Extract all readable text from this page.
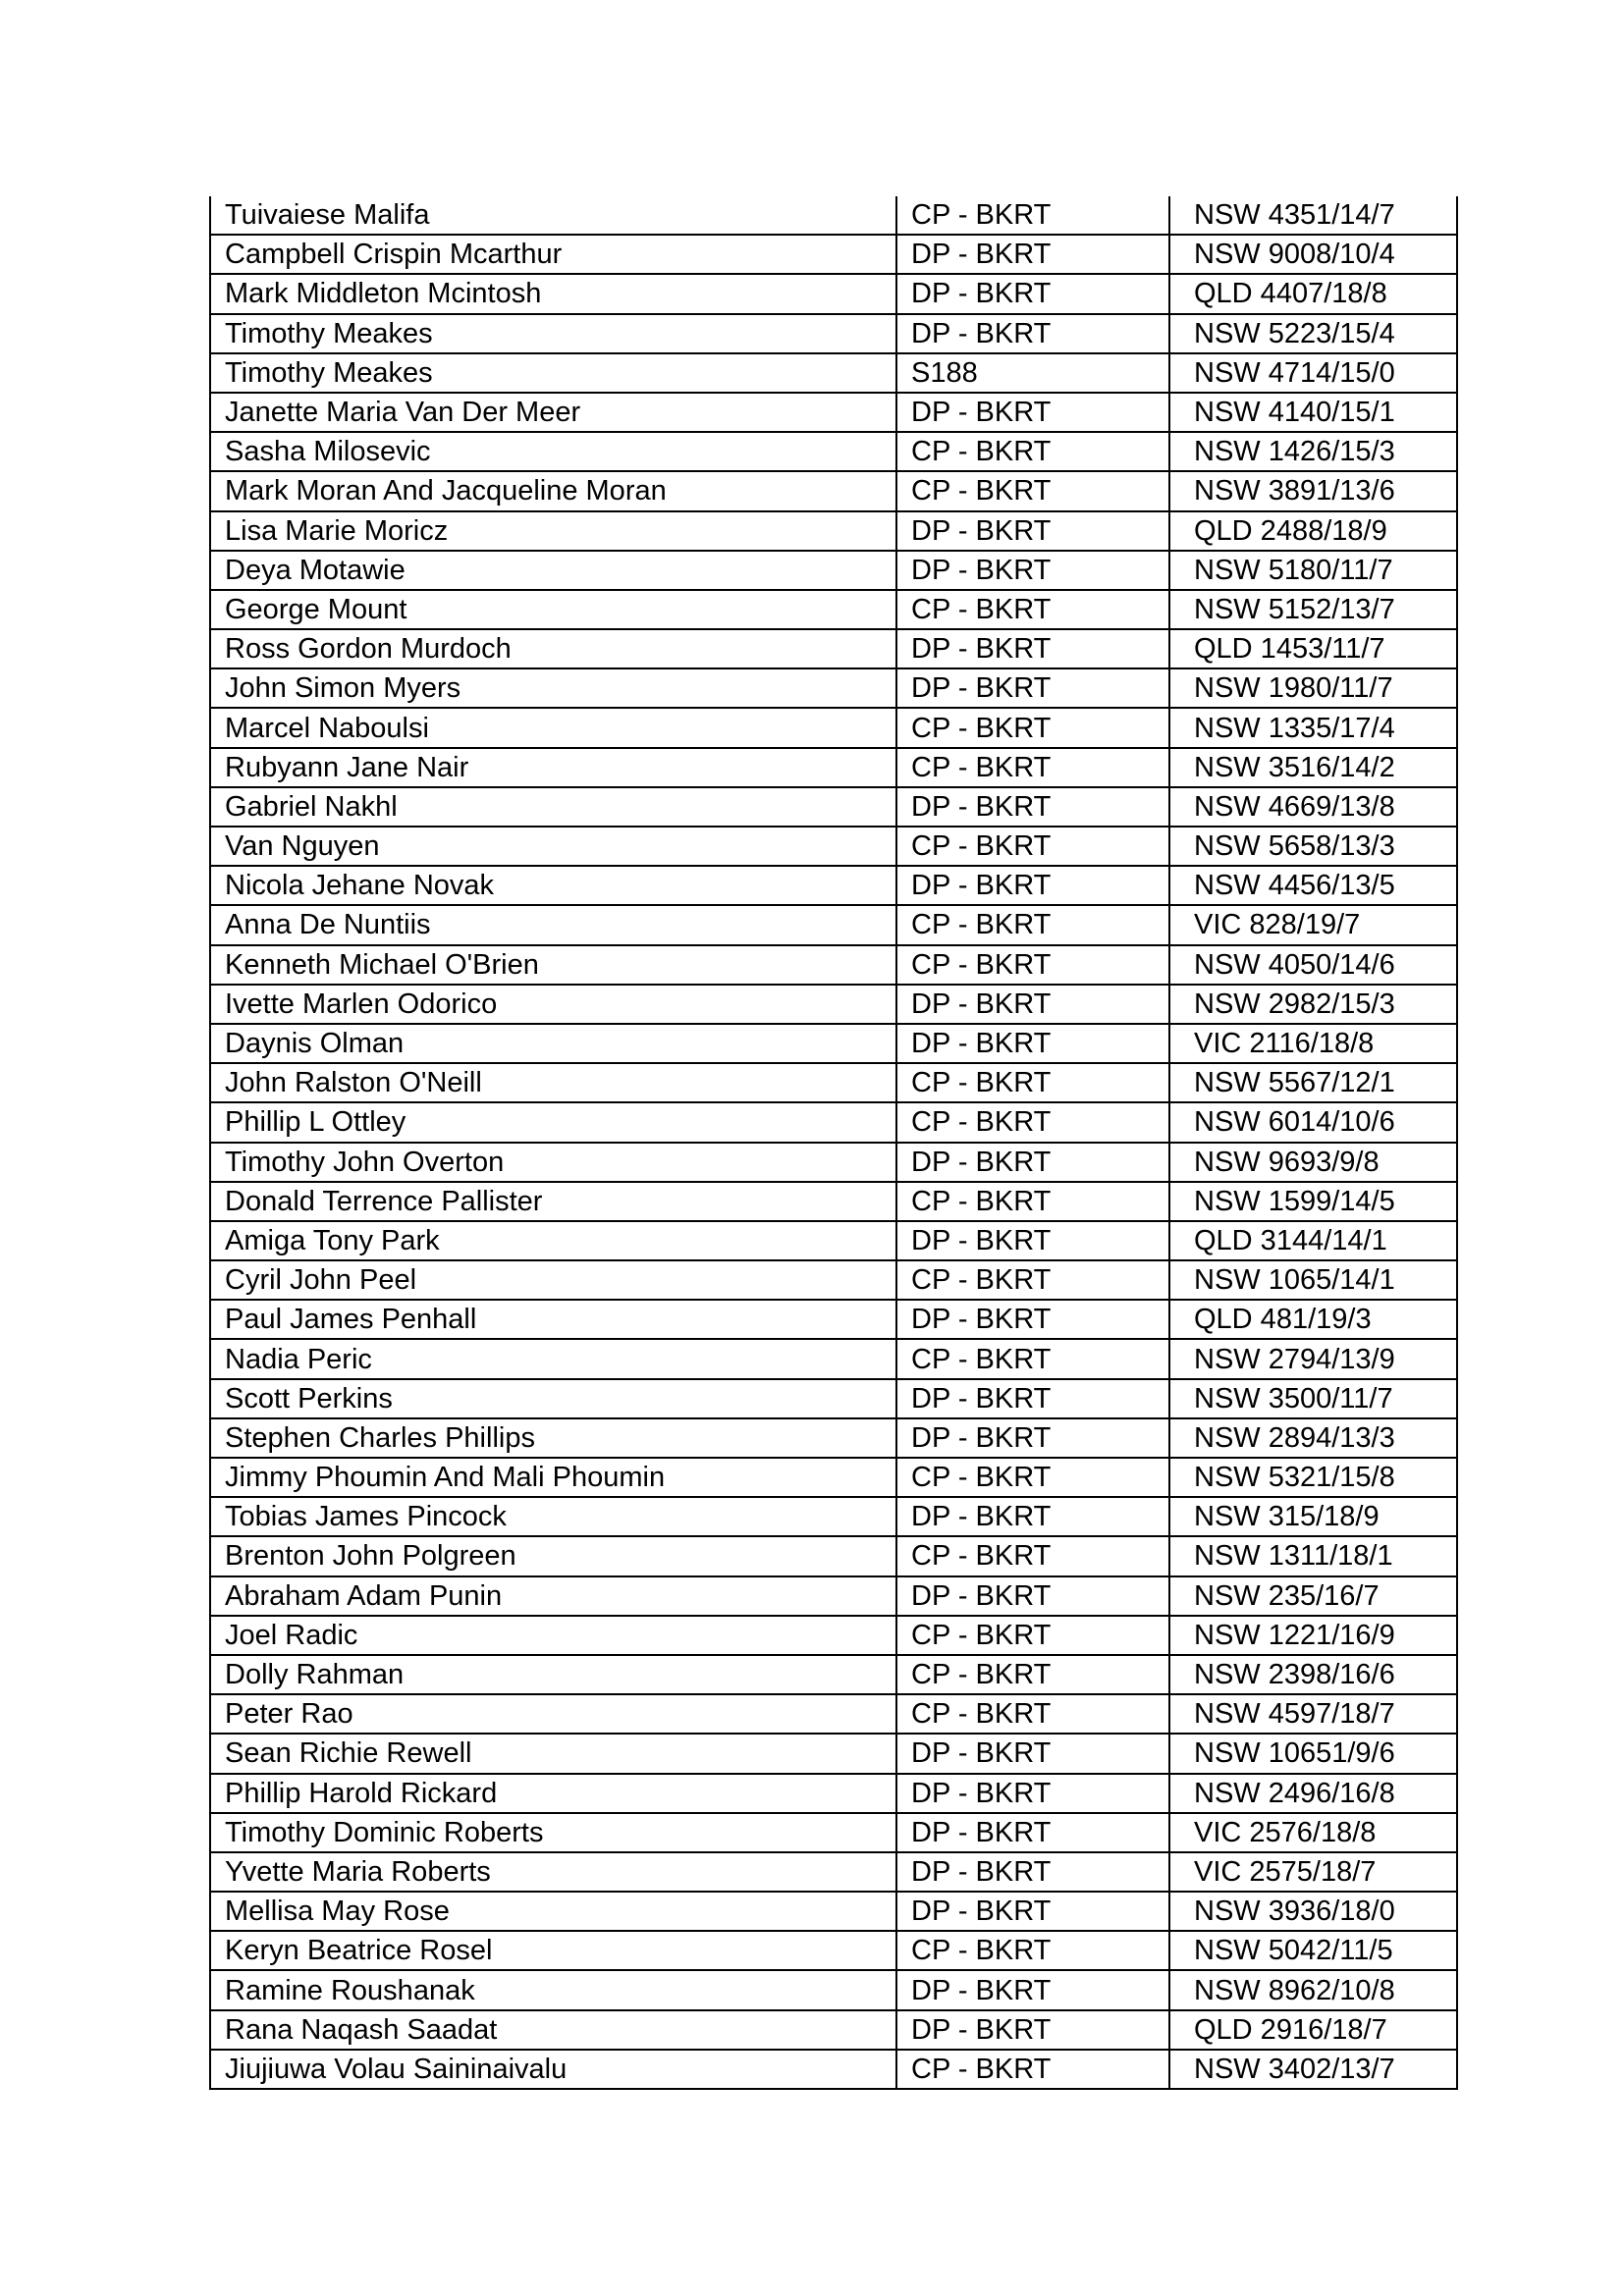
Tuivaiese Malifa	CP - BKRT	NSW 4351/14/7
Campbell Crispin Mcarthur	DP - BKRT	NSW 9008/10/4
Mark Middleton Mcintosh	DP - BKRT	QLD 4407/18/8
Timothy Meakes	DP - BKRT	NSW 5223/15/4
Timothy Meakes	S188	NSW 4714/15/0
Janette Maria Van Der Meer	DP - BKRT	NSW 4140/15/1
Sasha Milosevic	CP - BKRT	NSW 1426/15/3
Mark Moran And Jacqueline Moran	CP - BKRT	NSW 3891/13/6
Lisa Marie Moricz	DP - BKRT	QLD 2488/18/9
Deya Motawie	DP - BKRT	NSW 5180/11/7
George Mount	CP - BKRT	NSW 5152/13/7
Ross Gordon Murdoch	DP - BKRT	QLD 1453/11/7
John Simon Myers	DP - BKRT	NSW 1980/11/7
Marcel Naboulsi	CP - BKRT	NSW 1335/17/4
Rubyann Jane Nair	CP - BKRT	NSW 3516/14/2
Gabriel Nakhl	DP - BKRT	NSW 4669/13/8
Van Nguyen	CP - BKRT	NSW 5658/13/3
Nicola Jehane Novak	DP - BKRT	NSW 4456/13/5
Anna De Nuntiis	CP - BKRT	VIC 828/19/7
Kenneth Michael O'Brien	CP - BKRT	NSW 4050/14/6
Ivette Marlen Odorico	DP - BKRT	NSW 2982/15/3
Daynis Olman	DP - BKRT	VIC 2116/18/8
John Ralston O'Neill	CP - BKRT	NSW 5567/12/1
Phillip L Ottley	CP - BKRT	NSW 6014/10/6
Timothy John Overton	DP - BKRT	NSW 9693/9/8
Donald Terrence Pallister	CP - BKRT	NSW 1599/14/5
Amiga Tony Park	DP - BKRT	QLD 3144/14/1
Cyril John Peel	CP - BKRT	NSW 1065/14/1
Paul James Penhall	DP - BKRT	QLD 481/19/3
Nadia Peric	CP - BKRT	NSW 2794/13/9
Scott Perkins	DP - BKRT	NSW 3500/11/7
Stephen Charles Phillips	DP - BKRT	NSW 2894/13/3
Jimmy Phoumin And Mali Phoumin	CP - BKRT	NSW 5321/15/8
Tobias James Pincock	DP - BKRT	NSW 315/18/9
Brenton John Polgreen	CP - BKRT	NSW 1311/18/1
Abraham Adam Punin	DP - BKRT	NSW 235/16/7
Joel Radic	CP - BKRT	NSW 1221/16/9
Dolly Rahman	CP - BKRT	NSW 2398/16/6
Peter Rao	CP - BKRT	NSW 4597/18/7
Sean Richie Rewell	DP - BKRT	NSW 10651/9/6
Phillip Harold Rickard	DP - BKRT	NSW 2496/16/8
Timothy Dominic Roberts	DP - BKRT	VIC 2576/18/8
Yvette Maria Roberts	DP - BKRT	VIC 2575/18/7
Mellisa May Rose	DP - BKRT	NSW 3936/18/0
Keryn Beatrice Rosel	CP - BKRT	NSW 5042/11/5
Ramine Roushanak	DP - BKRT	NSW 8962/10/8
Rana Naqash Saadat	DP - BKRT	QLD 2916/18/7
Jiujiuwa Volau Saininaivalu	CP - BKRT	NSW 3402/13/7
